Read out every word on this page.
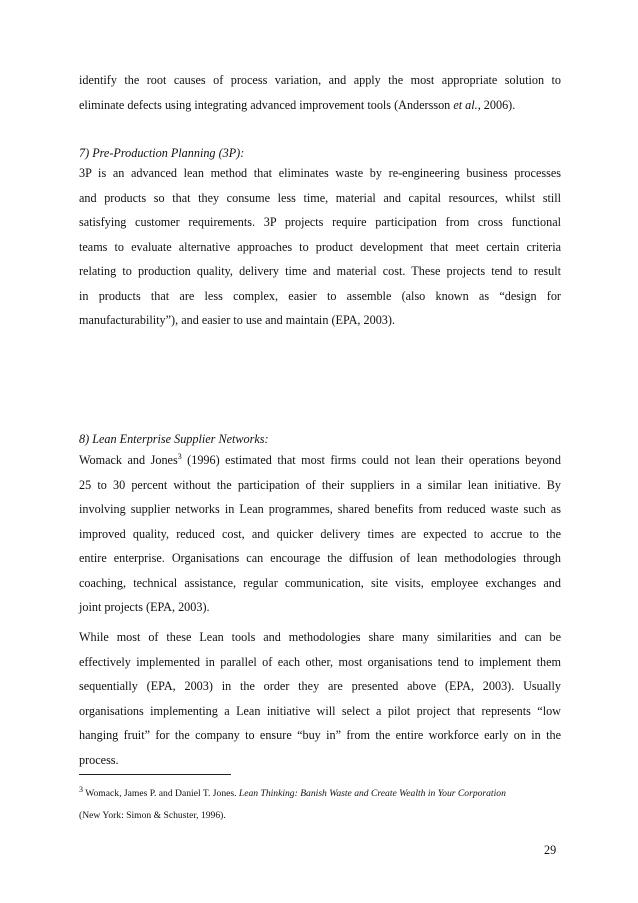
identify the root causes of process variation, and apply the most appropriate solution to
eliminate defects using integrating advanced improvement tools (Andersson et al., 2006).

7) Pre-Production Planning (3P):

3P is an advanced lean method that eliminates waste by re-engineering business processes
and products so that they consume less time, material and capital resources, whilst still
satisfying customer requirements. 3P projects require participation from cross functional
teams to evaluate alternative approaches to product development that meet certain criteria
relating to production quality, delivery time and material cost. These projects tend to result
in products that are less complex, easier to assemble (also known as “design for
manufacturability”), and easier to use and maintain (EPA, 2003).

8) Lean Enterprise Supplier Networks:

Womack and Jones$^3$ (1996) estimated that most firms could not lean their operations beyond
25 to 30 percent without the participation of their suppliers in a similar lean initiative. By
involving supplier networks in Lean programmes, shared benefits from reduced waste such as
improved quality, reduced cost, and quicker delivery times are expected to accrue to the
entire enterprise. Organisations can encourage the diffusion of lean methodologies through
coaching, technical assistance, regular communication, site visits, employee exchanges and
joint projects (EPA, 2003).

While most of these Lean tools and methodologies share many similarities and can be
effectively implemented in parallel of each other, most organisations tend to implement them
sequentially (EPA, 2003) in the order they are presented above (EPA, 2003). Usually
organisations implementing a Lean initiative will select a pilot project that represents “low
hanging fruit” for the company to ensure “buy in” from the entire workforce early on in the
process.

$^3$ Womack, James P. and Daniel T. Jones. Lean Thinking: Banish Waste and Create Wealth in Your Corporation
(New York: Simon & Schuster, 1996).

29
